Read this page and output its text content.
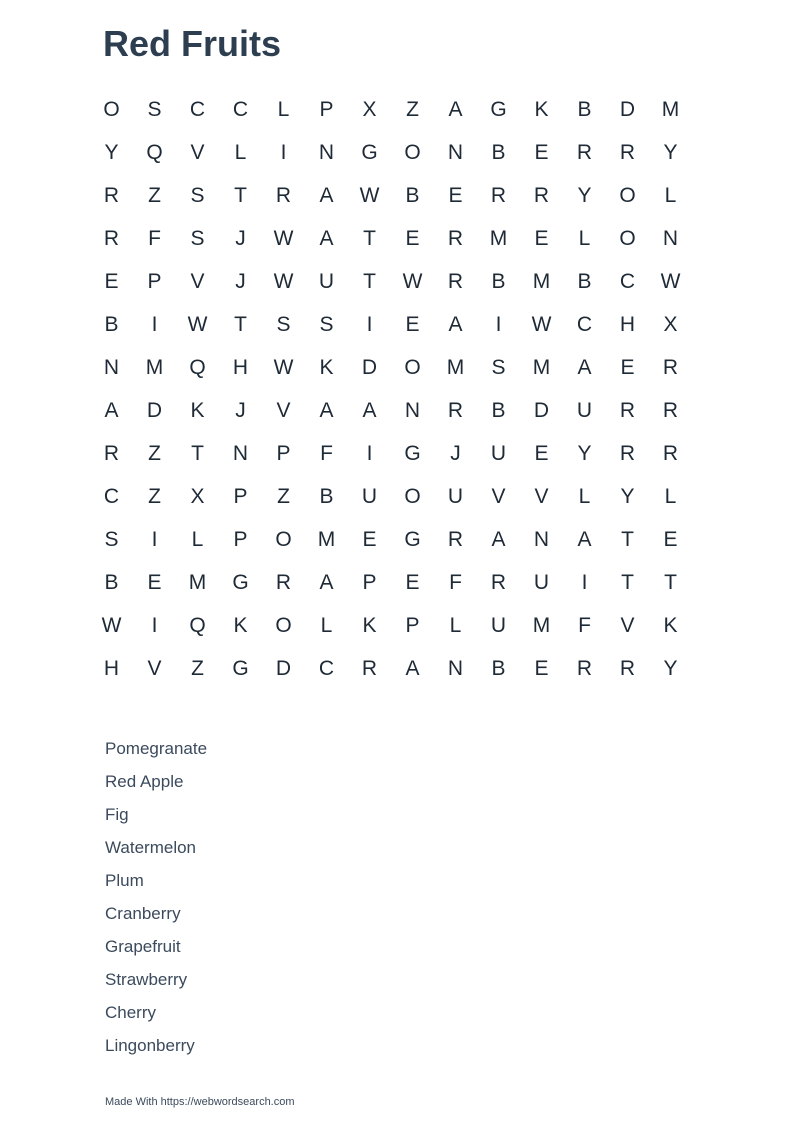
Red Fruits
O	S	C	C	L	P	X	Z	A	G	K	B	D	M
Y	Q	V	L	I	N	G	O	N	B	E	R	R	Y
R	Z	S	T	R	A	W	B	E	R	R	Y	O	L
R	F	S	J	W	A	T	E	R	M	E	L	O	N
E	P	V	J	W	U	T	W	R	B	M	B	C	W
B	I	W	T	S	S	I	E	A	I	W	C	H	X
N	M	Q	H	W	K	D	O	M	S	M	A	E	R
A	D	K	J	V	A	A	N	R	B	D	U	R	R
R	Z	T	N	P	F	I	G	J	U	E	Y	R	R
C	Z	X	P	Z	B	U	O	U	V	V	L	Y	L
S	I	L	P	O	M	E	G	R	A	N	A	T	E
B	E	M	G	R	A	P	E	F	R	U	I	T	T
W	I	Q	K	O	L	K	P	L	U	M	F	V	K
H	V	Z	G	D	C	R	A	N	B	E	R	R	Y
Pomegranate
Red Apple
Fig
Watermelon
Plum
Cranberry
Grapefruit
Strawberry
Cherry
Lingonberry
Made With https://webwordsearch.com
